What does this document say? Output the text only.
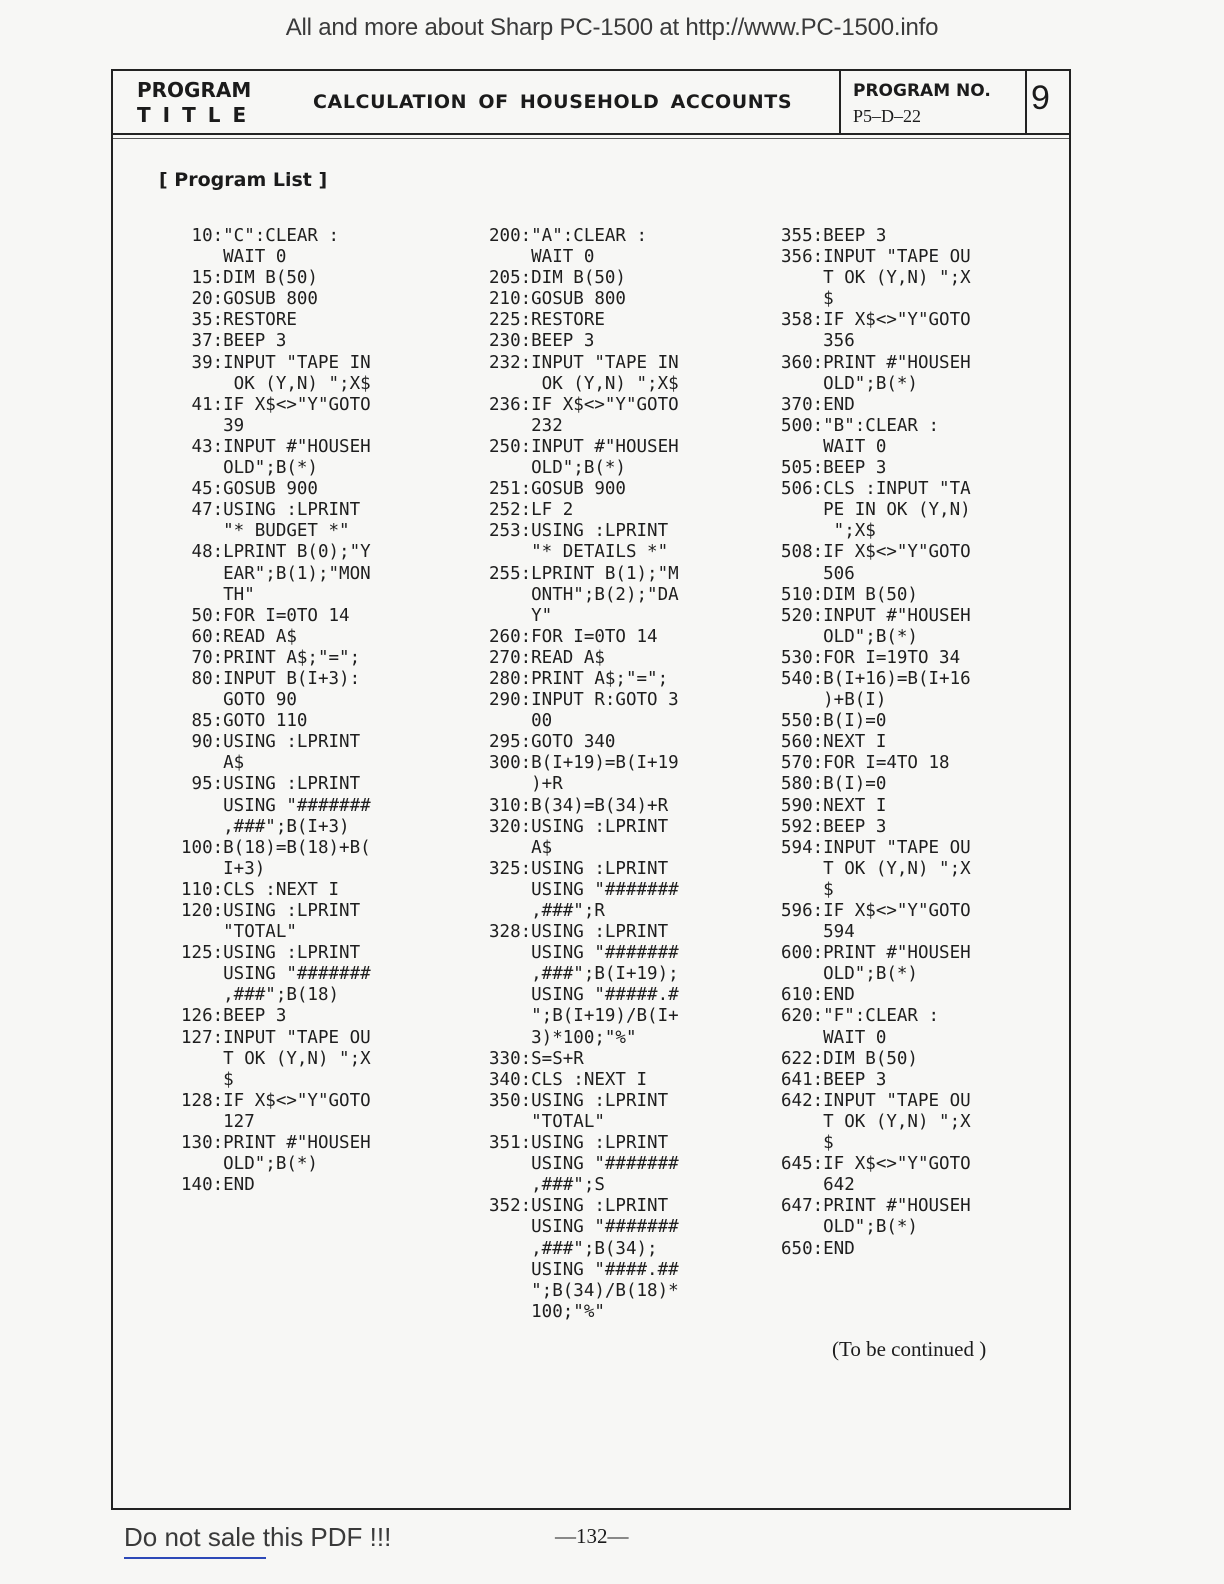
All and more about Sharp PC-1500 at http://www.PC-1500.info
PROGRAM
TITLE
CALCULATION OF HOUSEHOLD ACCOUNTS	PROGRAM NO.
P5–D–22	9
[ Program List ]
10:"C":CLEAR :
WAIT 0
15:DIM B(50)
20:GOSUB 800
35:RESTORE
37:BEEP 3
39:INPUT "TAPE IN
OK (Y,N) ";X$
41:IF X$<>"Y"GOTO
39
43:INPUT #"HOUSEH
OLD";B(*)
45:GOSUB 900
47:USING :LPRINT
"* BUDGET *"
48:LPRINT B(0);"Y
EAR";B(1);"MON
TH"
50:FOR I=0TO 14
60:READ A$
70:PRINT A$;"=";
80:INPUT B(I+3):
GOTO 90
85:GOTO 110
90:USING :LPRINT
A$
95:USING :LPRINT
USING "#######
,###";B(I+3)
100:B(18)=B(18)+B(
I+3)
110:CLS :NEXT I
120:USING :LPRINT
"TOTAL"
125:USING :LPRINT
USING "#######
,###";B(18)
126:BEEP 3
127:INPUT "TAPE OU
T OK (Y,N) ";X
$
128:IF X$<>"Y"GOTO
127
130:PRINT #"HOUSEH
OLD";B(*)
140:END
200:"A":CLEAR :
WAIT 0
205:DIM B(50)
210:GOSUB 800
225:RESTORE
230:BEEP 3
232:INPUT "TAPE IN
OK (Y,N) ";X$
236:IF X$<>"Y"GOTO
232
250:INPUT #"HOUSEH
OLD";B(*)
251:GOSUB 900
252:LF 2
253:USING :LPRINT
"* DETAILS *"
255:LPRINT B(1);"M
ONTH";B(2);"DA
Y"
260:FOR I=0TO 14
270:READ A$
280:PRINT A$;"=";
290:INPUT R:GOTO 3
00
295:GOTO 340
300:B(I+19)=B(I+19
)+R
310:B(34)=B(34)+R
320:USING :LPRINT
A$
325:USING :LPRINT
USING "#######
,###";R
328:USING :LPRINT
USING "#######
,###";B(I+19);
USING "#####.#
";B(I+19)/B(I+
3)*100;"%"
330:S=S+R
340:CLS :NEXT I
350:USING :LPRINT
"TOTAL"
351:USING :LPRINT
USING "#######
,###";S
352:USING :LPRINT
USING "#######
,###";B(34);
USING "####.##
";B(34)/B(18)*
100;"%"
355:BEEP 3
356:INPUT "TAPE OU
T OK (Y,N) ";X
$
358:IF X$<>"Y"GOTO
356
360:PRINT #"HOUSEH
OLD";B(*)
370:END
500:"B":CLEAR :
WAIT 0
505:BEEP 3
506:CLS :INPUT "TA
PE IN OK (Y,N)
";X$
508:IF X$<>"Y"GOTO
506
510:DIM B(50)
520:INPUT #"HOUSEH
OLD";B(*)
530:FOR I=19TO 34
540:B(I+16)=B(I+16
)+B(I)
550:B(I)=0
560:NEXT I
570:FOR I=4TO 18
580:B(I)=0
590:NEXT I
592:BEEP 3
594:INPUT "TAPE OU
T OK (Y,N) ";X
$
596:IF X$<>"Y"GOTO
594
600:PRINT #"HOUSEH
OLD";B(*)
610:END
620:"F":CLEAR :
WAIT 0
622:DIM B(50)
641:BEEP 3
642:INPUT "TAPE OU
T OK (Y,N) ";X
$
645:IF X$<>"Y"GOTO
642
647:PRINT #"HOUSEH
OLD";B(*)
650:END
(To be continued )
Do not sale this PDF !!!	—132—
